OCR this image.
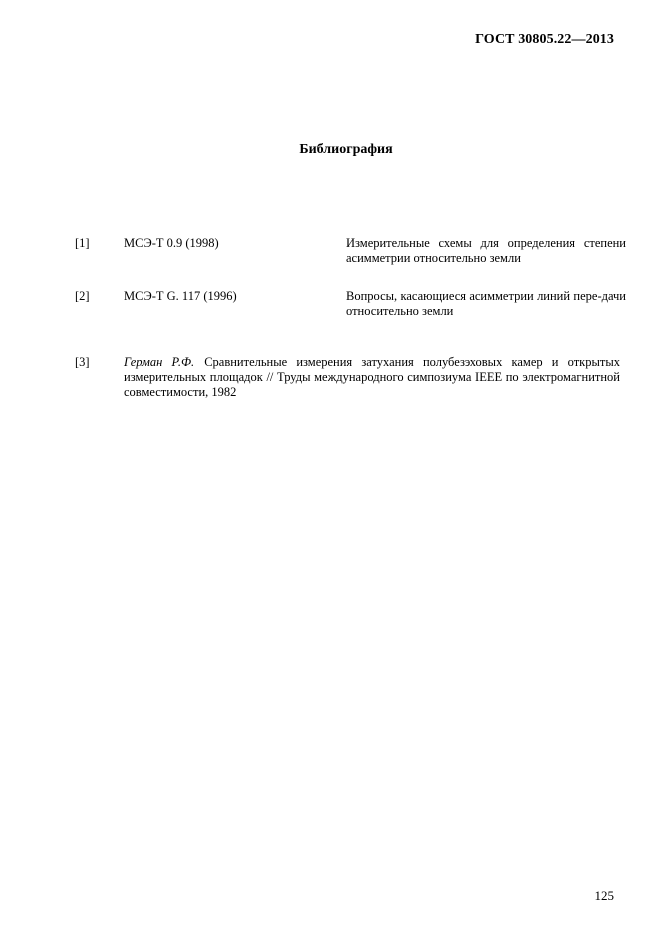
ГОСТ 30805.22—2013
Библиография
[1]	МСЭ-Т 0.9 (1998)	Измерительные схемы для определения степени асимметрии относительно земли
[2]	МСЭ-Т G. 117 (1996)	Вопросы, касающиеся асимметрии линий пере-дачи относительно земли
[3]	Герман Р.Ф. Сравнительные измерения затухания полубезэховых камер и открытых измерительных площадок // Труды международного симпозиума IEEE по электромагнитной совместимости, 1982
125
